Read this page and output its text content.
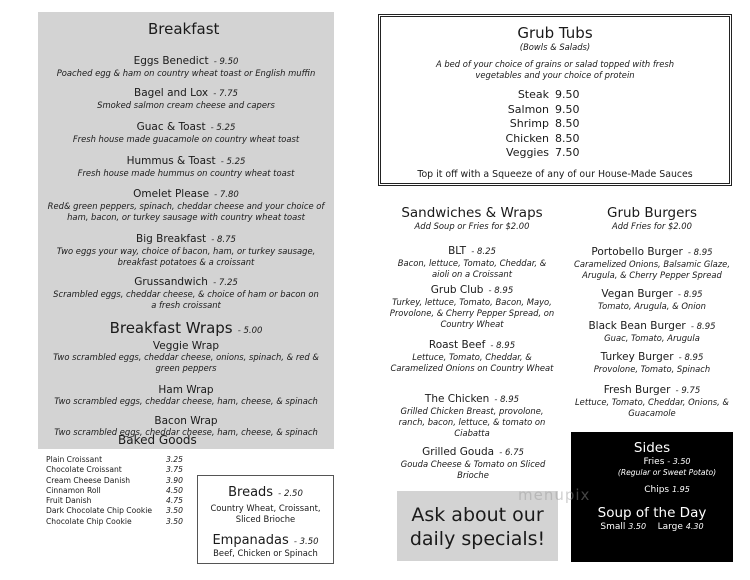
Breakfast
Eggs Benedict - 9.50
Poached egg & ham on country wheat toast or English muffin
Bagel and Lox - 7.75
Smoked salmon cream cheese and capers
Guac & Toast - 5.25
Fresh house made guacamole on country wheat toast
Hummus & Toast - 5.25
Fresh house made hummus on country wheat toast
Omelet Please - 7.80
Red& green peppers, spinach, cheddar cheese and your choice of ham, bacon, or turkey sausage with country wheat toast
Big Breakfast - 8.75
Two eggs your way, choice of bacon, ham, or turkey sausage, breakfast potatoes & a croissant
Grussandwich - 7.25
Scrambled eggs, cheddar cheese, & choice of ham or bacon on a fresh croissant
Breakfast Wraps - 5.00
Veggie Wrap
Two scrambled eggs, cheddar cheese, onions, spinach, & red & green peppers
Ham Wrap
Two scrambled eggs, cheddar cheese, ham, cheese, & spinach
Bacon Wrap
Two scrambled eggs, cheddar cheese, ham, cheese, & spinach
Baked Goods
Plain Croissant	3.25
Chocolate Croissant	3.75
Cream Cheese Danish	3.90
Cinnamon Roll	4.50
Fruit Danish	4.75
Dark Chocolate Chip Cookie 3.50
Chocolate Chip Cookie	3.50
Breads - 2.50
Country Wheat, Croissant, Sliced Brioche
Empanadas - 3.50
Beef, Chicken or Spinach
Grub Tubs
(Bowls & Salads)
A bed of your choice of grains or salad topped with fresh vegetables and your choice of protein
Steak 9.50
Salmon 9.50
Shrimp 8.50
Chicken 8.50
Veggies 7.50
Top it off with a Squeeze of any of our House-Made Sauces
Sandwiches & Wraps
Add Soup or Fries for $2.00
BLT - 8.25
Bacon, lettuce, Tomato, Cheddar, & aioli on a Croissant
Grub Club - 8.95
Turkey, lettuce, Tomato, Bacon, Mayo, Provolone, & Cherry Pepper Spread, on Country Wheat
Roast Beef - 8.95
Lettuce, Tomato, Cheddar, & Caramelized Onions on Country Wheat
The Chicken - 8.95
Grilled Chicken Breast, provolone, ranch, bacon, lettuce, & tomato on Ciabatta
Grilled Gouda - 6.75
Gouda Cheese & Tomato on Sliced Brioche
Grub Burgers
Add Fries for $2.00
Portobello Burger - 8.95
Caramelized Onions, Balsamic Glaze, Arugula, & Cherry Pepper Spread
Vegan Burger - 8.95
Tomato, Arugula, & Onion
Black Bean Burger - 8.95
Guac, Tomato, Arugula
Turkey Burger - 8.95
Provolone, Tomato, Spinach
Fresh Burger - 9.75
Lettuce, Tomato, Cheddar, Onions, & Guacamole
Ask about our
daily specials!
Sides
Fries - 3.50
(Regular or Sweet Potato)
Chips 1.95
Soup of the Day
Small 3.50 Large 4.30
menupix
